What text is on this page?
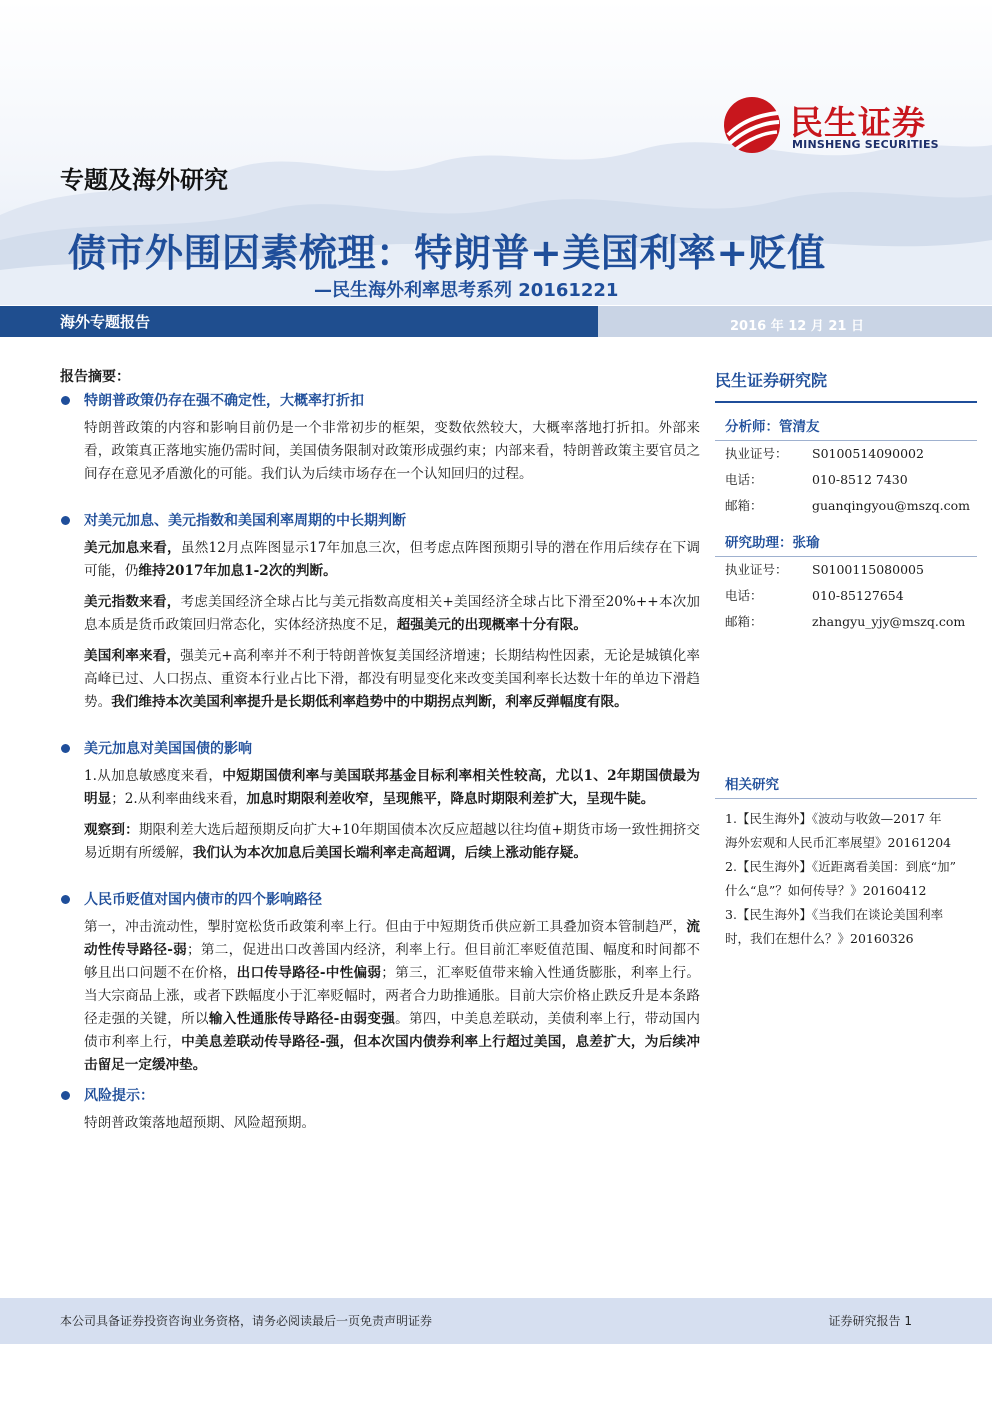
民生证券
MINSHENG SECURITIES
专题及海外研究
债市外围因素梳理：特朗普+美国利率+贬值
—民生海外利率思考系列 20161221
海外专题报告	2016 年 12 月 21 日
报告摘要：
特朗普政策仍存在强不确定性，大概率打折扣
特朗普政策的内容和影响目前仍是一个非常初步的框架，变数依然较大，大概率落地打折扣。外部来看，政策真正落地实施仍需时间，美国债务限制对政策形成强约束；内部来看，特朗普政策主要官员之间存在意见矛盾激化的可能。我们认为后续市场存在一个认知回归的过程。
对美元加息、美元指数和美国利率周期的中长期判断
美元加息来看，虽然12月点阵图显示17年加息三次，但考虑点阵图预期引导的潜在作用后续存在下调可能，仍维持2017年加息1-2次的判断。
美元指数来看，考虑美国经济全球占比与美元指数高度相关+美国经济全球占比下滑至20%++本次加息本质是货币政策回归常态化，实体经济热度不足，超强美元的出现概率十分有限。
美国利率来看，强美元+高利率并不利于特朗普恢复美国经济增速；长期结构性因素，无论是城镇化率高峰已过、人口拐点、重资本行业占比下滑，都没有明显变化来改变美国利率长达数十年的单边下滑趋势。我们维持本次美国利率提升是长期低利率趋势中的中期拐点判断，利率反弹幅度有限。
美元加息对美国国债的影响
1.从加息敏感度来看，中短期国债利率与美国联邦基金目标利率相关性较高，尤以1、2年期国债最为明显；2.从利率曲线来看，加息时期限利差收窄，呈现熊平，降息时期限利差扩大，呈现牛陡。
观察到：期限利差大选后超预期反向扩大+10年期国债本次反应超越以往均值+期货市场一致性拥挤交易近期有所缓解，我们认为本次加息后美国长端利率走高超调，后续上涨动能存疑。
人民币贬值对国内债市的四个影响路径
第一，冲击流动性，掣肘宽松货币政策利率上行。但由于中短期货币供应新工具叠加资本管制趋严，流动性传导路径-弱；第二，促进出口改善国内经济，利率上行。但目前汇率贬值范围、幅度和时间都不够且出口问题不在价格，出口传导路径-中性偏弱；第三，汇率贬值带来输入性通货膨胀，利率上行。当大宗商品上涨，或者下跌幅度小于汇率贬幅时，两者合力助推通胀。目前大宗价格止跌反升是本条路径走强的关键，所以输入性通胀传导路径-由弱变强。第四，中美息差联动，美债利率上行，带动国内债市利率上行，中美息差联动传导路径-强，但本次国内债券利率上行超过美国，息差扩大，为后续冲击留足一定缓冲垫。
风险提示：
特朗普政策落地超预期、风险超预期。
民生证券研究院
分析师：管清友
执业证号：	S0100514090002
电话：	010-8512 7430
邮箱：	guanqingyou@mszq.com
研究助理：张瑜
执业证号：	S0100115080005
电话：	010-85127654
邮箱：	zhangyu_yjy@mszq.com
相关研究
1.【民生海外】《波动与收敛—2017 年
海外宏观和人民币汇率展望》20161204
2.【民生海外】《近距离看美国：到底“加”
什么“息”？如何传导？》20160412
3.【民生海外】《当我们在谈论美国利率
时，我们在想什么？》20160326
本公司具备证券投资咨询业务资格，请务必阅读最后一页免责声明证券	证券研究报告 1
